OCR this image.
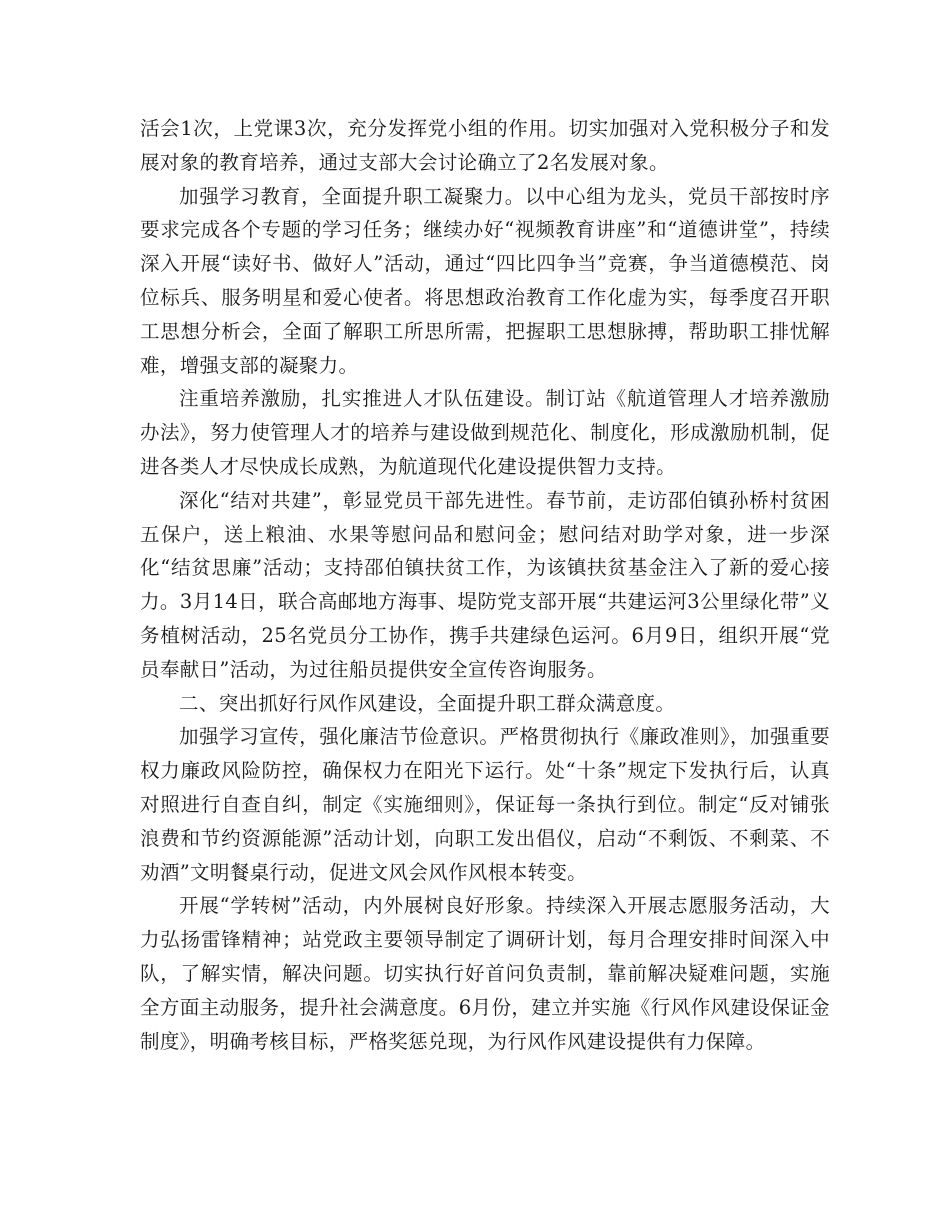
活会1次，上党课3次，充分发挥党小组的作用。切实加强对入党积极分子和发展对象的教育培养，通过支部大会讨论确立了2名发展对象。

加强学习教育，全面提升职工凝聚力。以中心组为龙头，党员干部按时序要求完成各个专题的学习任务；继续办好“视频教育讲座”和“道德讲堂”，持续深入开展“读好书、做好人”活动，通过“四比四争当”竞赛，争当道德模范、岗位标兵、服务明星和爱心使者。将思想政治教育工作化虚为实，每季度召开职工思想分析会，全面了解职工所思所需，把握职工思想脉搏，帮助职工排忧解难，增强支部的凝聚力。

注重培养激励，扎实推进人才队伍建设。制订站《航道管理人才培养激励办法》，努力使管理人才的培养与建设做到规范化、制度化，形成激励机制，促进各类人才尽快成长成熟，为航道现代化建设提供智力支持。

深化“结对共建”，彰显党员干部先进性。春节前，走访邵伯镇孙桥村贫困五保户，送上粮油、水果等慰问品和慰问金；慰问结对助学对象，进一步深化“结贫思廉”活动；支持邵伯镇扶贫工作，为该镇扶贫基金注入了新的爱心接力。3月14日，联合高邮地方海事、堤防党支部开展“共建运河3公里绿化带”义务植树活动，25名党员分工协作，携手共建绿色运河。6月9日，组织开展“党员奉献日”活动，为过往船员提供安全宣传咨询服务。

二、突出抓好行风作风建设，全面提升职工群众满意度。

加强学习宣传，强化廉洁节俭意识。严格贯彻执行《廉政准则》，加强重要权力廉政风险防控，确保权力在阳光下运行。处“十条”规定下发执行后，认真对照进行自查自纠，制定《实施细则》，保证每一条执行到位。制定“反对铺张浪费和节约资源能源”活动计划，向职工发出倡仪，启动“不剩饭、不剩菜、不劝酒”文明餐桌行动，促进文风会风作风根本转变。

开展“学转树”活动，内外展树良好形象。持续深入开展志愿服务活动，大力弘扬雷锋精神；站党政主要领导制定了调研计划，每月合理安排时间深入中队，了解实情，解决问题。切实执行好首问负责制，靠前解决疑难问题，实施全方面主动服务，提升社会满意度。6月份，建立并实施《行风作风建设保证金制度》，明确考核目标，严格奖惩兑现，为行风作风建设提供有力保障。
